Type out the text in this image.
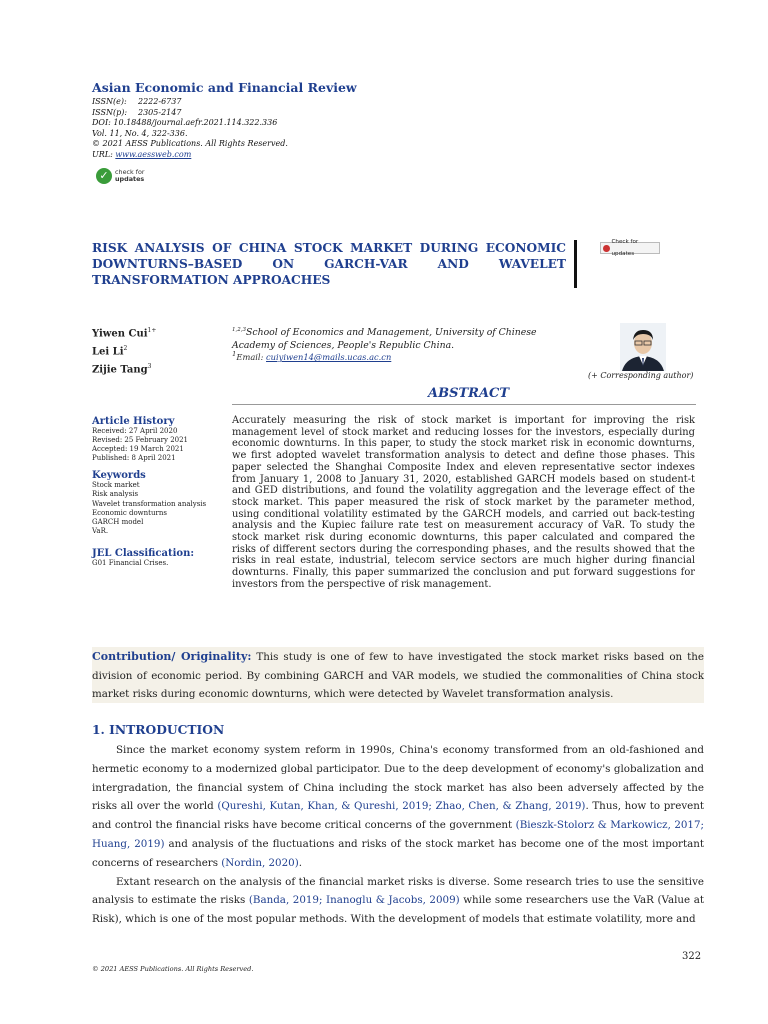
Asian Economic and Financial Review
ISSN(e): 2222-6737
ISSN(p): 2305-2147
DOI: 10.18488/journal.aefr.2021.114.322.336
Vol. 11, No. 4, 322-336.
© 2021 AESS Publications. All Rights Reserved.
URL: www.aessweb.com
✓ check for
updates
RISK ANALYSIS OF CHINA STOCK MARKET DURING ECONOMIC DOWNTURNS–BASED ON GARCH-VAR AND WAVELET TRANSFORMATION APPROACHES
Check for updates
Yiwen Cui$^{1+}$
Lei Li$^2$
Zijie Tang$^3$
$^{1,2,3}$School of Economics and Management, University of Chinese Academy of Sciences, People's Republic China.
$^1$Email: cuiyiwen14@mails.ucas.ac.cn
(+ Corresponding author)
ABSTRACT

Article History

Received: 27 April 2020

Revised: 25 February 2021

Accepted: 19 March 2021

Published: 8 April 2021

Keywords

Stock market

Risk analysis

Wavelet transformation analysis

Economic downturns

GARCH model

VaR.

JEL Classification:

G01 Financial Crises.

Accurately measuring the risk of stock market is important for improving the risk management level of stock market and reducing losses for the investors, especially during economic downturns. In this paper, to study the stock market risk in economic downturns, we first adopted wavelet transformation analysis to detect and define those phases. This paper selected the Shanghai Composite Index and eleven representative sector indexes from January 1, 2008 to January 31, 2020, established GARCH models based on student-t and GED distributions, and found the volatility aggregation and the leverage effect of the stock market. This paper measured the risk of stock market by the parameter method, using conditional volatility estimated by the GARCH models, and carried out back-testing analysis and the Kupiec failure rate test on measurement accuracy of VaR. To study the stock market risk during economic downturns, this paper calculated and compared the risks of different sectors during the corresponding phases, and the results showed that the risks in real estate, industrial, telecom service sectors are much higher during financial downturns. Finally, this paper summarized the conclusion and put forward suggestions for investors from the perspective of risk management.
Contribution/ Originality: This study is one of few to have investigated the stock market risks based on the division of economic period. By combining GARCH and VAR models, we studied the commonalities of China stock market risks during economic downturns, which were detected by Wavelet transformation analysis.
1. INTRODUCTION

Since the market economy system reform in 1990s, China's economy transformed from an old-fashioned and hermetic economy to a modernized global participator. Due to the deep development of economy's globalization and intergradation, the financial system of China including the stock market has also been adversely affected by the risks all over the world (Qureshi, Kutan, Khan, & Qureshi, 2019; Zhao, Chen, & Zhang, 2019). Thus, how to prevent and control the financial risks have become critical concerns of the government (Bieszk-Stolorz & Markowicz, 2017; Huang, 2019) and analysis of the fluctuations and risks of the stock market has become one of the most important concerns of researchers (Nordin, 2020).

Extant research on the analysis of the financial market risks is diverse. Some research tries to use the sensitive analysis to estimate the risks (Banda, 2019; Inanoglu & Jacobs, 2009) while some researchers use the VaR (Value at Risk), which is one of the most popular methods. With the development of models that estimate volatility, more and

322
© 2021 AESS Publications. All Rights Reserved.
